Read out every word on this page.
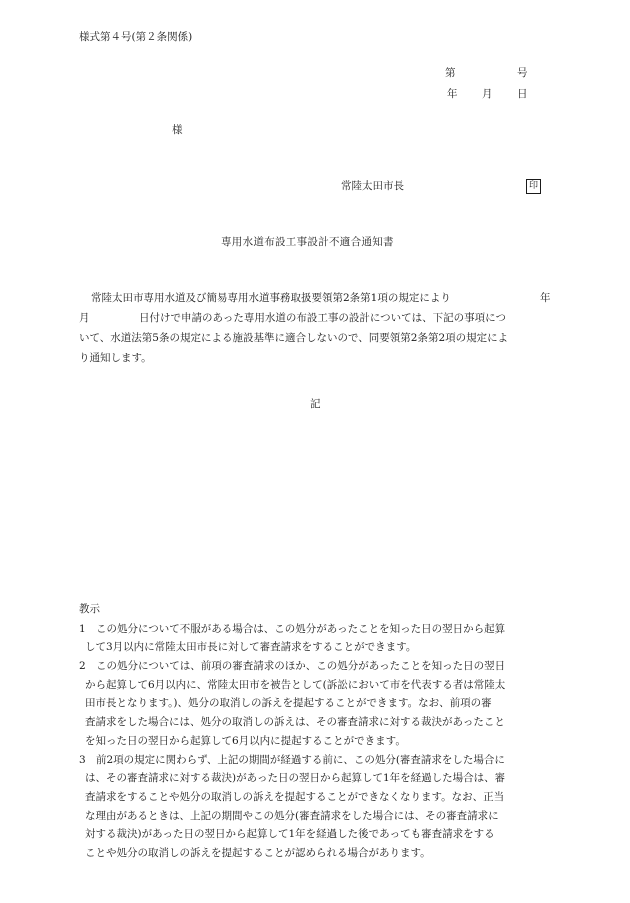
様式第４号(第２条関係)
第	号
年 月 日
様
常陸太田市長	印
専用水道布設工事設計不適合通知書
常陸太田市専用水道及び簡易専用水道事務取扱要領第2条第1項の規定により	年
月	日付けで申請のあった専用水道の布設工事の設計については、下記の事項につ
いて、水道法第5条の規定による施設基準に適合しないので、同要領第2条第2項の規定によ
り通知します。
記
教示
1 この処分について不服がある場合は、この処分があったことを知った日の翌日から起算
して3月以内に常陸太田市長に対して審査請求をすることができます。
2 この処分については、前項の審査請求のほか、この処分があったことを知った日の翌日
から起算して6月以内に、常陸太田市を被告として(訴訟において市を代表する者は常陸太
田市長となります。)、処分の取消しの訴えを提起することができます。なお、前項の審
査請求をした場合には、処分の取消しの訴えは、その審査請求に対する裁決があったこと
を知った日の翌日から起算して6月以内に提起することができます。
3 前2項の規定に関わらず、上記の期間が経過する前に、この処分(審査請求をした場合に
は、その審査請求に対する裁決)があった日の翌日から起算して1年を経過した場合は、審
査請求をすることや処分の取消しの訴えを提起することができなくなります。なお、正当
な理由があるときは、上記の期間やこの処分(審査請求をした場合には、その審査請求に
対する裁決)があった日の翌日から起算して1年を経過した後であっても審査請求をする
ことや処分の取消しの訴えを提起することが認められる場合があります。
